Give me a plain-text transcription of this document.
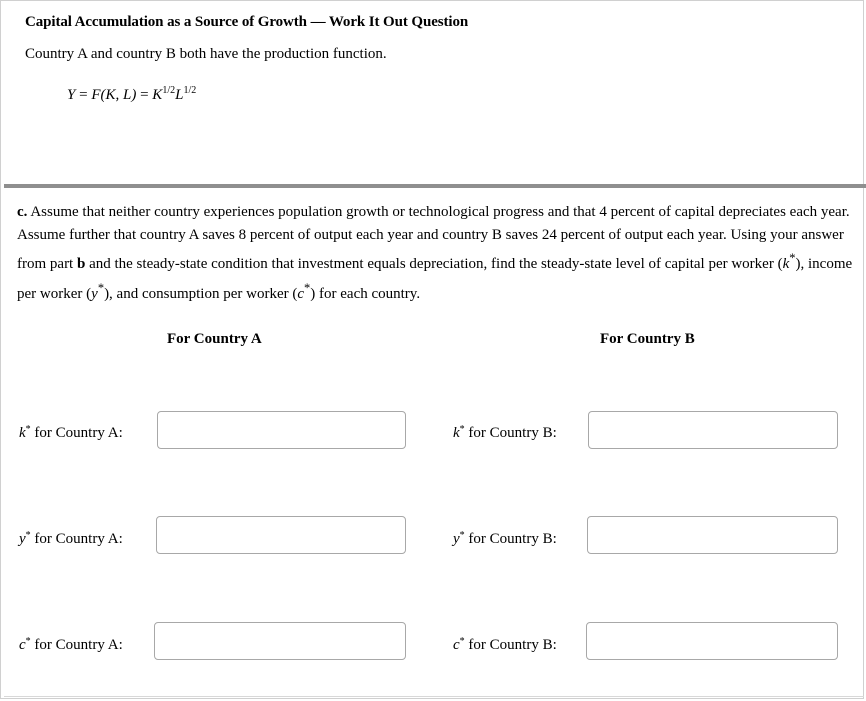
Capital Accumulation as a Source of Growth — Work It Out Question
Country A and country B both have the production function.
Y = F(K, $L) = K^{1/2}L^{1/2}$
c. Assume that neither country experiences population growth or technological progress and that 4 percent of capital depreciates each year. Assume further that country A saves 8 percent of output each year and country B saves 24 percent of output each year. Using your answer from part b and the steady-state condition that investment equals depreciation, find the steady-state level of capital per worker (k*), income per worker (y*), and consumption per worker (c*) for each country.
For Country A	For Country B
k* for Country A:	k* for Country B:
y* for Country A:	y* for Country B:
c* for Country A:	c* for Country B:
